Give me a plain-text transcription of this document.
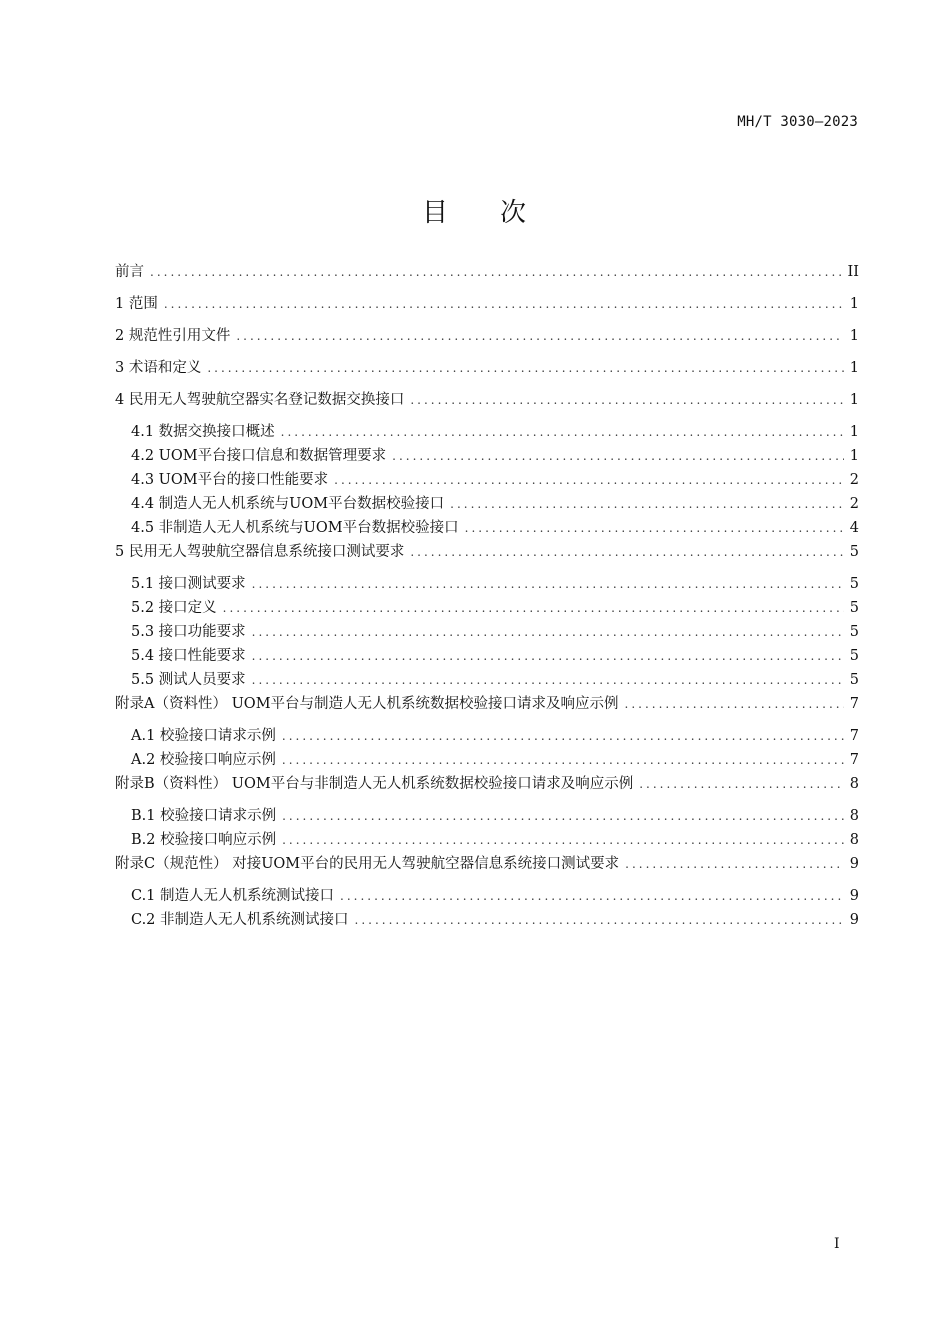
MH/T 3030—2023
目 次
前言 .....	II
1 范围 .....	1
2 规范性引用文件 .....	1
3 术语和定义 .....	1
4 民用无人驾驶航空器实名登记数据交换接口 .....	1
4.1 数据交换接口概述 .....	1
4.2 UOM平台接口信息和数据管理要求 .....	1
4.3 UOM平台的接口性能要求 .....	2
4.4 制造人无人机系统与UOM平台数据校验接口 .....	2
4.5 非制造人无人机系统与UOM平台数据校验接口 .....	4
5 民用无人驾驶航空器信息系统接口测试要求 .....	5
5.1 接口测试要求 .....	5
5.2 接口定义 .....	5
5.3 接口功能要求 .....	5
5.4 接口性能要求 .....	5
5.5 测试人员要求 .....	5
附录A（资料性） UOM平台与制造人无人机系统数据校验接口请求及响应示例 .....	7
A.1 校验接口请求示例 .....	7
A.2 校验接口响应示例 .....	7
附录B（资料性） UOM平台与非制造人无人机系统数据校验接口请求及响应示例 .....	8
B.1 校验接口请求示例 .....	8
B.2 校验接口响应示例 .....	8
附录C（规范性） 对接UOM平台的民用无人驾驶航空器信息系统接口测试要求 .....	9
C.1 制造人无人机系统测试接口 .....	9
C.2 非制造人无人机系统测试接口 .....	9
I
